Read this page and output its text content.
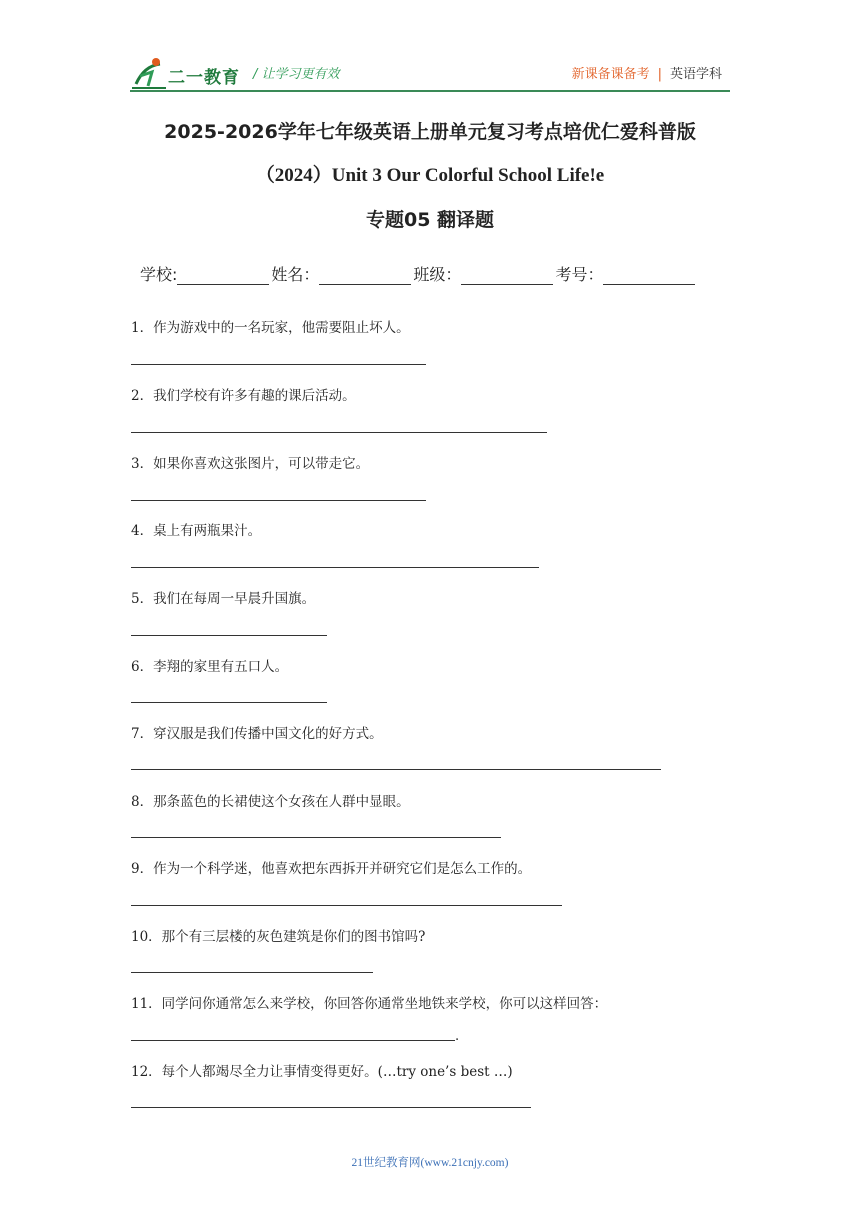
二一教育 / 让学习更有效	新课备课备考 | 英语学科
2025-2026学年七年级英语上册单元复习考点培优仁爱科普版
（2024）Unit 3 Our Colorful School Life!e
专题05 翻译题
学校:	姓名：	班级：	考号：
1．作为游戏中的一名玩家，他需要阻止坏人。
2．我们学校有许多有趣的课后活动。
3．如果你喜欢这张图片，可以带走它。
4．桌上有两瓶果汁。
5．我们在每周一早晨升国旗。
6．李翔的家里有五口人。
7．穿汉服是我们传播中国文化的好方式。
8．那条蓝色的长裙使这个女孩在人群中显眼。
9．作为一个科学迷，他喜欢把东西拆开并研究它们是怎么工作的。
10．那个有三层楼的灰色建筑是你们的图书馆吗?
11．同学问你通常怎么来学校，你回答你通常坐地铁来学校，你可以这样回答：
.
12．每个人都竭尽全力让事情变得更好。(…try one’s best …)
21世纪教育网(www.21cnjy.com)
